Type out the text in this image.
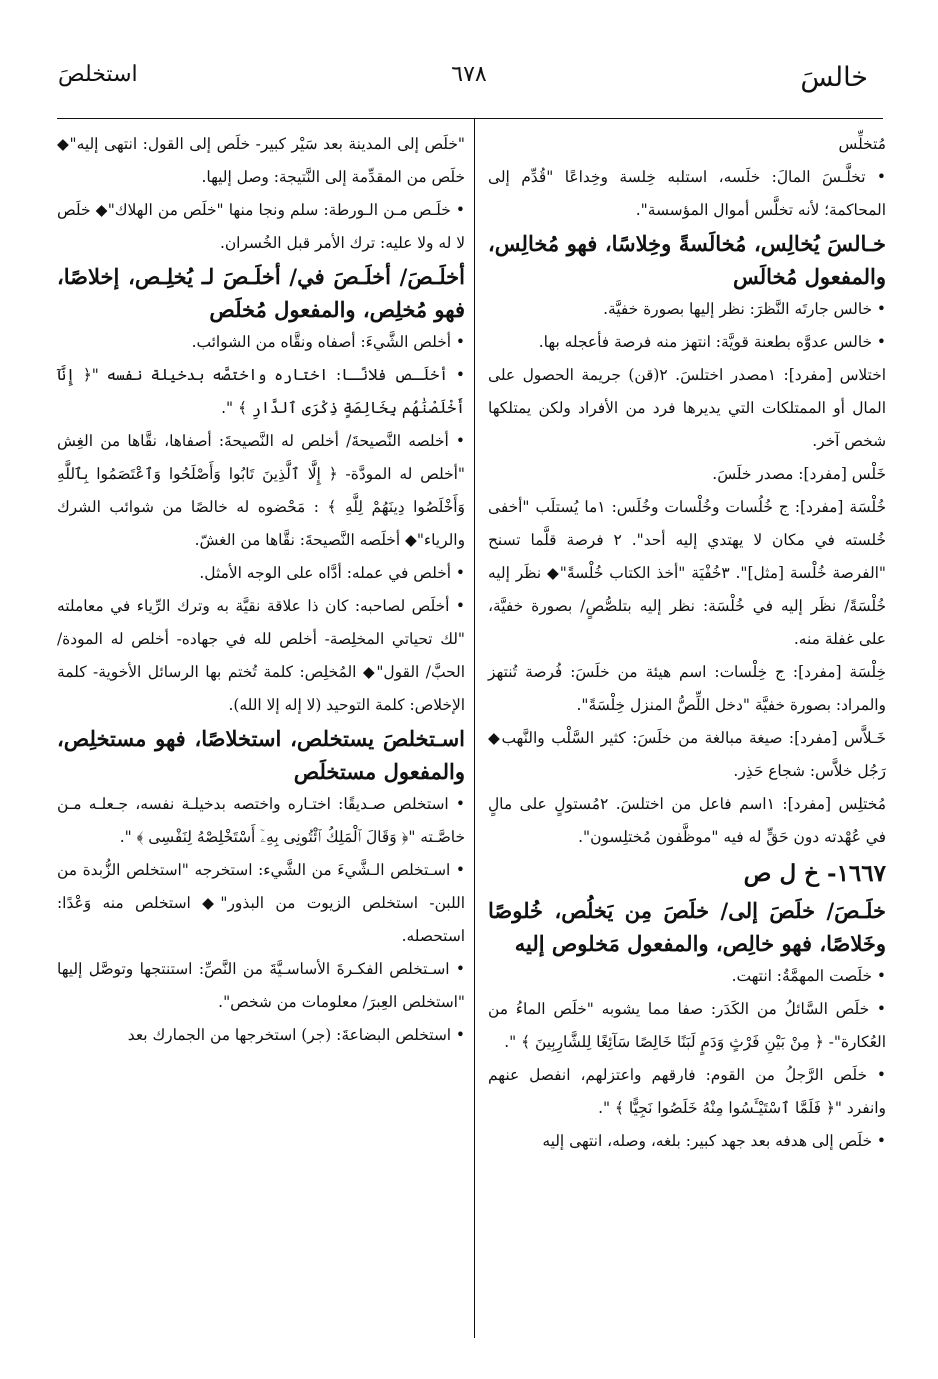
خالسَ
٦٧٨
استخلصَ

مُتخلِّس

• تخلَّـسَ المالَ: خلَسه، استلبه خِلسة وخِداعًا "قُدِّم إلى المحاكمة؛ لأنه تخلَّس أموال المؤسسة".

خـالسَ يُخالِس، مُخالَسةً وخِلاسًا، فهو مُخالِس، والمفعول مُخالَس

• خالس جارتَه النَّظرَ: نظر إليها بصورة خفيَّة.

• خالس عدوَّه بطعنة قويَّة: انتهز منه فرصة فأعجله بها.

اختلاس [مفرد]: ١مصدر اختلسَ. ٢(قن) جريمة الحصول على المال أو الممتلكات التي يديرها فرد من الأفراد ولكن يمتلكها شخص آخر.

خَلْس [مفرد]: مصدر خلَسَ.

خُلْسَة [مفرد]: ج خُلُسات وخُلْسات وخُلَس: ١ما يُستلَب "أخفى خُلسته في مكان لا يهتدي إليه أحد". ٢ فرصة قلَّما تسنح "الفرصة خُلْسة [مثل]". ٣خُفْيَة "أخذ الكتاب خُلْسةً"◆ نظَر إليه خُلْسَةً/ نظَر إليه في خُلْسَة: نظر إليه بتلصُّصٍ/ بصورة خفيَّة، على غفلة منه.

خِلْسَة [مفرد]: ج خِلْسات: اسم هيئة من خلَسَ: فُرصة تُنتهز والمراد: بصورة خفيَّة "دخل اللِّصُّ المنزل خِلْسَةً".

خَـلاَّس [مفرد]: صيغة مبالغة من خلَسَ: كثير السَّلْب والنَّهب◆ رَجُل خلاَّس: شجاع حَذِر.

مُختلِس [مفرد]: ١اسم فاعل من اختلسَ. ٢مُستولٍ على مالٍ في عُهْدته دون حَقٍّ له فيه "موظَّفون مُختلِسون".

١٦٦٧- خ ل ص

خلَـصَ/ خلَصَ إلى/ خلَصَ مِن يَخلُص، خُلوصًا وخَلاصًا، فهو خالِص، والمفعول مَخلوص إليه

• خلَصت المهمَّةُ: انتهت.

• خلَص السَّائلُ من الكَدَر: صفا مما يشوبه "خلَص الماءُ من العُكارة"- ﴿ مِنْ بَيْنِ فَرْثٍ وَدَمٍ لَبَنًا خَالِصًا سَآئِغًا لِلشَّارِبِينَ ﴾ ".

• خلَص الرَّجلُ من القوم: فارقهم واعتزلهم، انفصل عنهم وانفرد "﴿ فَلَمَّا ٱسْتَيْـَٔسُوا مِنْهُ خَلَصُوا نَجِيًّا ﴾ ".

• خلَص إلى هدفه بعد جهد كبير: بلغه، وصله، انتهى إليه

"خلَص إلى المدينة بعد سَيْر كبير- خلَص إلى القول: انتهى إليه"◆ خلَص من المقدِّمة إلى النَّتيجة: وصل إليها.

• خلَـص مـن الـورطة: سلم ونجا منها "خلَص من الهلاك"◆ خلَص لا له ولا عليه: ترك الأمر قبل الخُسران.

أخلَـصَ/ أخلَـصَ في/ أخلَـصَ لـ يُخلِـص، إخلاصًا، فهو مُخلِص، والمفعول مُخلَص

• أخلص الشَّيءَ: أصفاه ونقَّاه من الشوائب.

• أخلَـص فلانًـا: اختاره واختصَّه بدخيلة نفسه "﴿ إِنَّآ أَخْلَصْنَٰهُم بِخَالِصَةٍ ذِكْرَى ٱلدَّارِ ﴾ ".

• أخلصه النَّصيحةَ/ أخلص له النَّصيحةَ: أصفاها، نقَّاها من الغِش "أخلص له المودَّة- ﴿ إِلَّا ٱلَّذِينَ تَابُوا وَأَصْلَحُوا وَٱعْتَصَمُوا بِٱللَّهِ وَأَخْلَصُوا دِينَهُمْ لِلَّهِ ﴾ : مَحْضوه له خالصًا من شوائب الشرك والرياء"◆ أخلَصه النَّصيحةَ: نقَّاها من الغشّ.

• أخلص في عمله: أدَّاه على الوجه الأمثل.

• أخلَص لصاحبه: كان ذا علاقة نقيَّة به وترك الرِّياء في معاملته "لك تحياتي المخلِصة- أخلص لله في جهاده- أخلص له المودة/ الحبَّ/ القول"◆ المُخلِص: كلمة تُختم بها الرسائل الأخوية- كلمة الإخلاص: كلمة التوحيد (لا إله إلا الله).

اسـتخلصَ يستخلص، استخلاصًا، فهو مستخلِص، والمفعول مستخلَص

• استخلص صـديقًا: اختـاره واختصه بدخيلـة نفسه، جـعلـه مـن خاصَّـته "﴿ وَقَالَ ٱلْمَلِكُ ٱئْتُونِى بِهِۦٓ أَسْتَخْلِصْهُ لِنَفْسِى ﴾ ".

• اسـتخلص الـشَّيءَ من الشَّيء: استخرجه "استخلص الزُّبدة من اللبن- استخلص الزيوت من البذور"◆ استخلص منه وَعْدًا: استحصله.

• اسـتخلص الفكـرةَ الأساسـيَّةَ من النَّصِّ: استنتجها وتوصَّل إليها "استخلص العِبرَ/ معلومات من شخص".

• استخلص البضاعةَ: (جر) استخرجها من الجمارك بعد
